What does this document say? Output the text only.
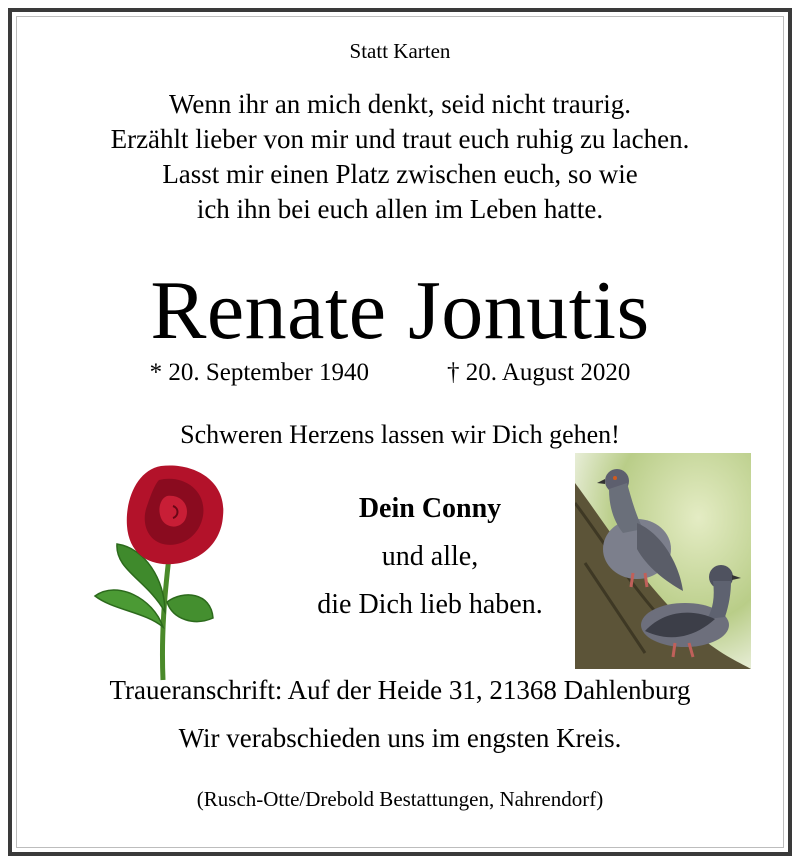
Statt Karten
Wenn ihr an mich denkt, seid nicht traurig.
Erzählt lieber von mir und traut euch ruhig zu lachen.
Lasst mir einen Platz zwischen euch, so wie
ich ihn bei euch allen im Leben hatte.
Renate Jonutis
* 20. September 1940	† 20. August 2020
Schweren Herzens lassen wir Dich gehen!
Dein Conny
und alle,
die Dich lieb haben.
Traueranschrift: Auf der Heide 31, 21368 Dahlenburg
Wir verabschieden uns im engsten Kreis.
(Rusch-Otte/Drebold Bestattungen, Nahrendorf)
